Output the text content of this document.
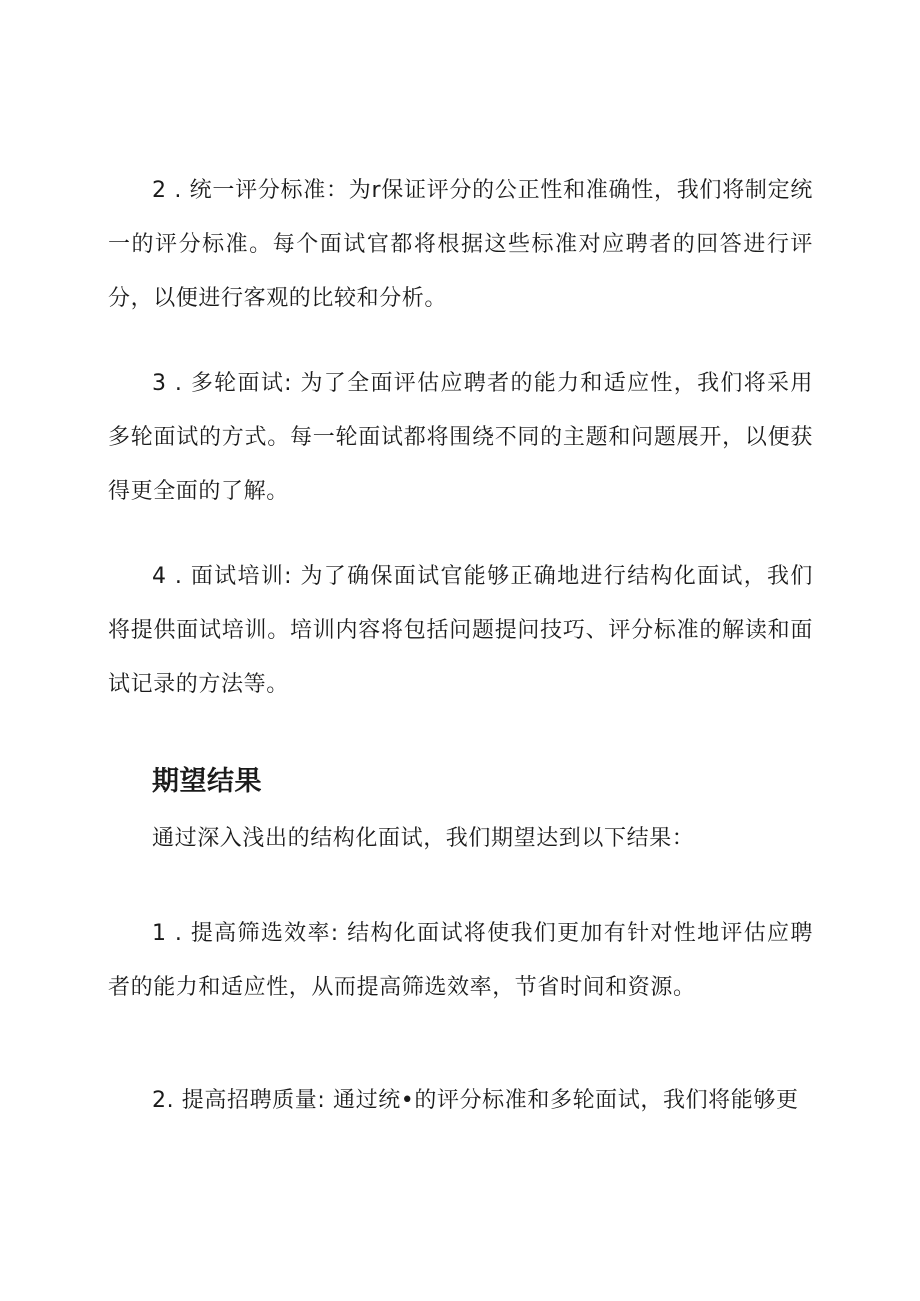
2 . 统一评分标准：为r保证评分的公正性和准确性，我们将制定统一的评分标准。每个面试官都将根据这些标准对应聘者的回答进行评分，以便进行客观的比较和分析。

3 . 多轮面试: 为了全面评估应聘者的能力和适应性，我们将采用多轮面试的方式。每一轮面试都将围绕不同的主题和问题展开，以便获得更全面的了解。

4 . 面试培训: 为了确保面试官能够正确地进行结构化面试，我们将提供面试培训。培训内容将包括问题提问技巧、评分标准的解读和面试记录的方法等。

期望结果

通过深入浅出的结构化面试，我们期望达到以下结果：

1 . 提高筛选效率: 结构化面试将使我们更加有针对性地评估应聘者的能力和适应性，从而提高筛选效率，节省时间和资源。

2. 提高招聘质量: 通过统•的评分标准和多轮面试，我们将能够更
